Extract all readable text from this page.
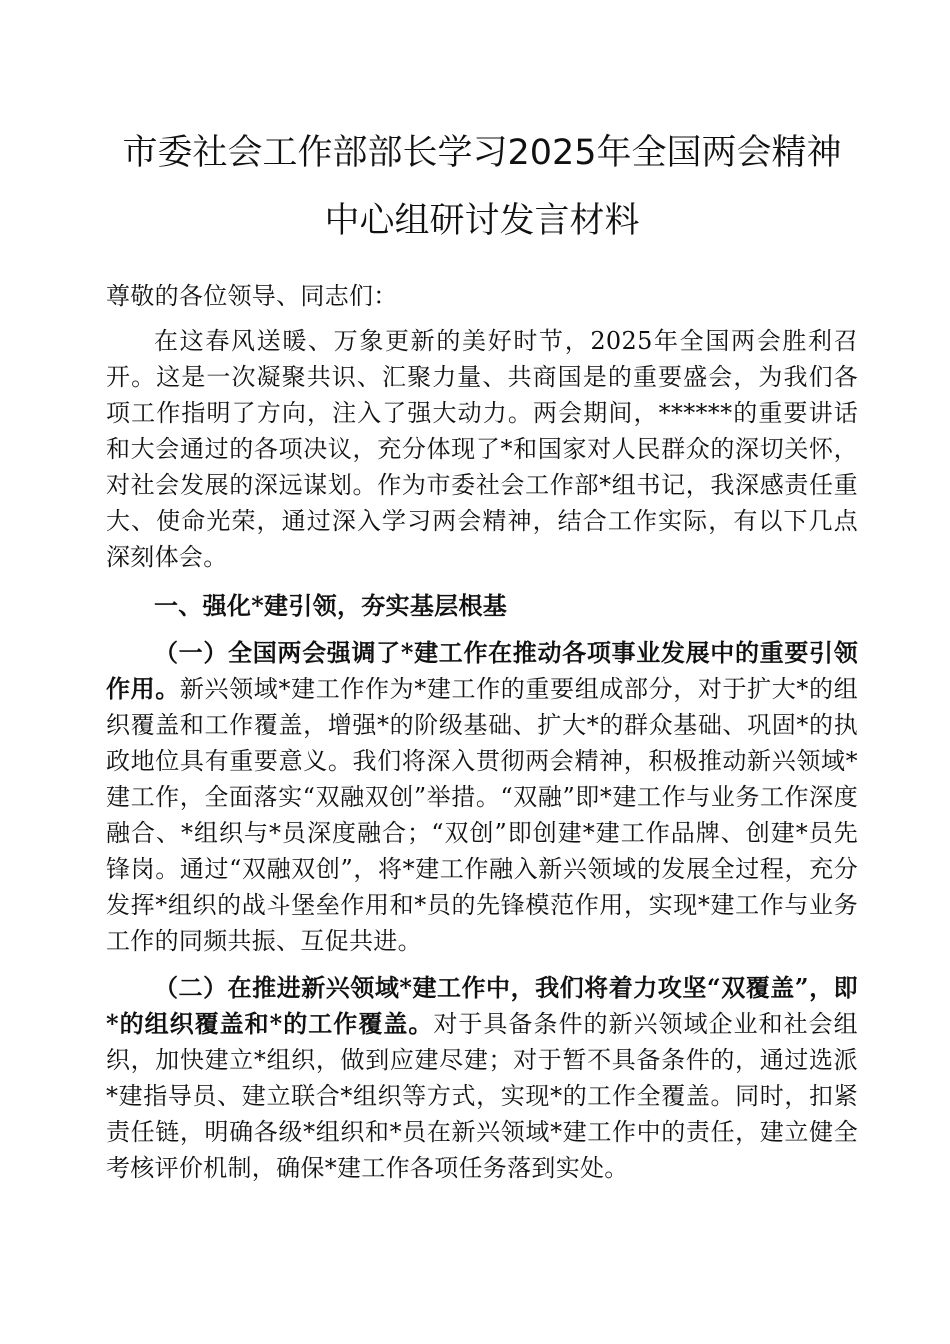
市委社会工作部部长学习2025年全国两会精神
中心组研讨发言材料

尊敬的各位领导、同志们：

在这春风送暖、万象更新的美好时节，2025年全国两会胜利召开。这是一次凝聚共识、汇聚力量、共商国是的重要盛会，为我们各项工作指明了方向，注入了强大动力。两会期间，******的重要讲话和大会通过的各项决议，充分体现了*和国家对人民群众的深切关怀，对社会发展的深远谋划。作为市委社会工作部*组书记，我深感责任重大、使命光荣，通过深入学习两会精神，结合工作实际，有以下几点深刻体会。

一、强化*建引领，夯实基层根基

（一）全国两会强调了*建工作在推动各项事业发展中的重要引领作用。新兴领域*建工作作为*建工作的重要组成部分，对于扩大*的组织覆盖和工作覆盖，增强*的阶级基础、扩大*的群众基础、巩固*的执政地位具有重要意义。我们将深入贯彻两会精神，积极推动新兴领域*建工作，全面落实“双融双创”举措。“双融”即*建工作与业务工作深度融合、*组织与*员深度融合；“双创”即创建*建工作品牌、创建*员先锋岗。通过“双融双创”，将*建工作融入新兴领域的发展全过程，充分发挥*组织的战斗堡垒作用和*员的先锋模范作用，实现*建工作与业务工作的同频共振、互促共进。

（二）在推进新兴领域*建工作中，我们将着力攻坚“双覆盖”，即*的组织覆盖和*的工作覆盖。对于具备条件的新兴领域企业和社会组织，加快建立*组织，做到应建尽建；对于暂不具备条件的，通过选派*建指导员、建立联合*组织等方式，实现*的工作全覆盖。同时，扣紧责任链，明确各级*组织和*员在新兴领域*建工作中的责任，建立健全考核评价机制，确保*建工作各项任务落到实处。
